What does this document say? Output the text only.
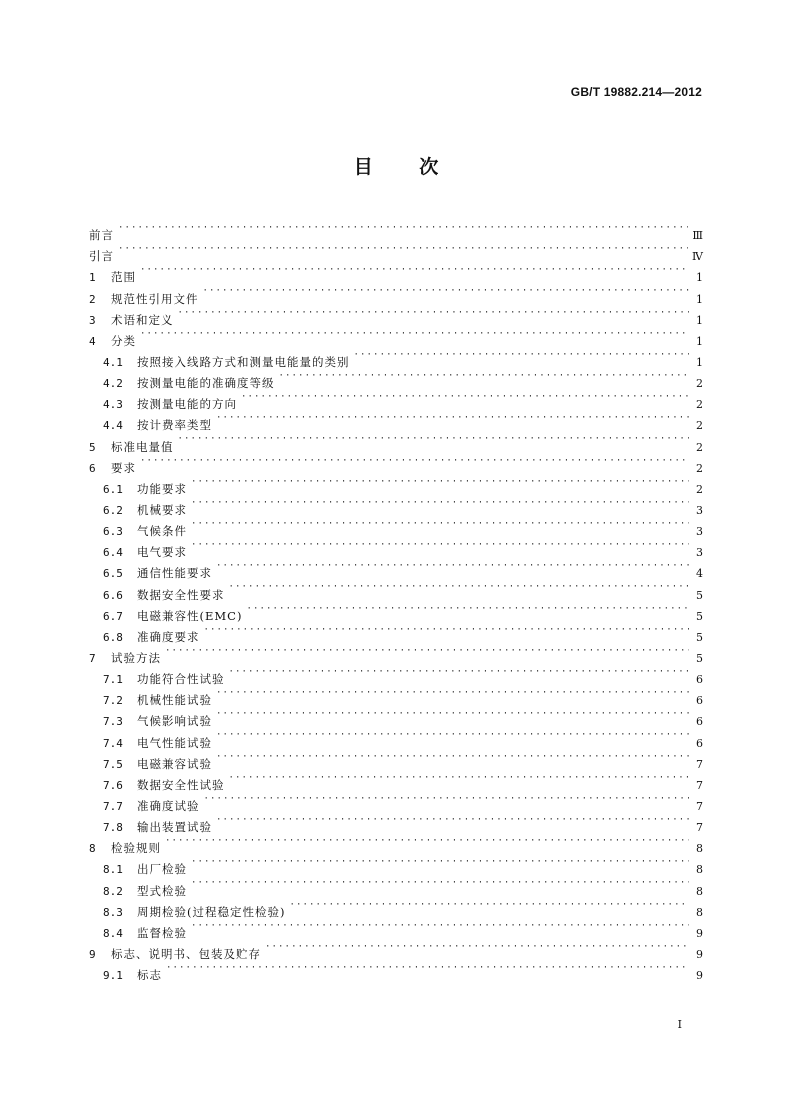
GB/T 19882.214—2012
目 次
前言 ·····	Ⅲ
引言 ·····	Ⅳ
1	范围 ·····	1
2	规范性引用文件 ·····	1
3	术语和定义 ·····	1
4	分类 ·····	1
4.1	按照接入线路方式和测量电能量的类别 ·····	1
4.2	按测量电能的准确度等级 ·····	2
4.3	按测量电能的方向 ·····	2
4.4	按计费率类型 ·····	2
5	标准电量值 ·····	2
6	要求 ·····	2
6.1	功能要求 ·····	2
6.2	机械要求 ·····	3
6.3	气候条件 ·····	3
6.4	电气要求 ·····	3
6.5	通信性能要求 ·····	4
6.6	数据安全性要求 ·····	5
6.7	电磁兼容性(EMC) ·····	5
6.8	准确度要求 ·····	5
7	试验方法 ·····	5
7.1	功能符合性试验 ·····	6
7.2	机械性能试验 ·····	6
7.3	气候影响试验 ·····	6
7.4	电气性能试验 ·····	6
7.5	电磁兼容试验 ·····	7
7.6	数据安全性试验 ·····	7
7.7	准确度试验 ·····	7
7.8	输出装置试验 ·····	7
8	检验规则 ·····	8
8.1	出厂检验 ·····	8
8.2	型式检验 ·····	8
8.3	周期检验(过程稳定性检验) ·····	8
8.4	监督检验 ·····	9
9	标志、说明书、包装及贮存 ·····	9
9.1	标志 ·····	9
Ⅰ
